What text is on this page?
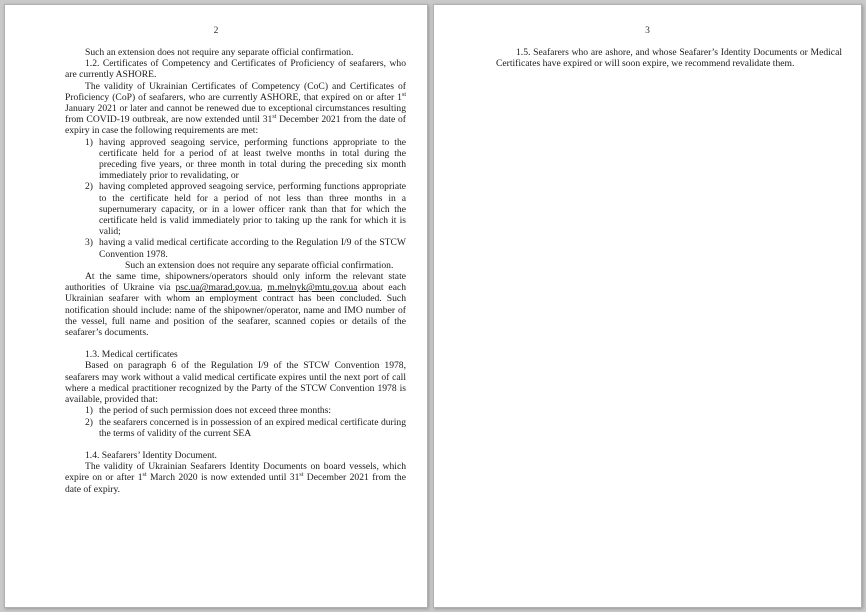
2

Such an extension does not require any separate official confirmation.

1.2. Certificates of Competency and Certificates of Proficiency of seafarers, who are currently ASHORE.

The validity of Ukrainian Certificates of Competency (CoC) and Certificates of Proficiency (CoP) of seafarers, who are currently ASHORE, that expired on or after 1st January 2021 or later and cannot be renewed due to exceptional circumstances resulting from COVID-19 outbreak, are now extended until 31st December 2021 from the date of expiry in case the following requirements are met:

1) having approved seagoing service, performing functions appropriate to the certificate held for a period of at least twelve months in total during the preceding five years, or three month in total during the preceding six month immediately prior to revalidating, or

2) having completed approved seagoing service, performing functions appropriate to the certificate held for a period of not less than three months in a supernumerary capacity, or in a lower officer rank than that for which the certificate held is valid immediately prior to taking up the rank for which it is valid;

3) having a valid medical certificate according to the Regulation I/9 of the STCW Convention 1978.

Such an extension does not require any separate official confirmation.

At the same time, shipowners/operators should only inform the relevant state authorities of Ukraine via psc.ua@marad.gov.ua, m.melnyk@mtu.gov.ua about each Ukrainian seafarer with whom an employment contract has been concluded. Such notification should include: name of the shipowner/operator, name and IMO number of the vessel, full name and position of the seafarer, scanned copies or details of the seafarer’s documents.

1.3. Medical certificates

Based on paragraph 6 of the Regulation I/9 of the STCW Convention 1978, seafarers may work without a valid medical certificate expires until the next port of call where a medical practitioner recognized by the Party of the STCW Convention 1978 is available, provided that:

1) the period of such permission does not exceed three months:

2) the seafarers concerned is in possession of an expired medical certificate during the terms of validity of the current SEA

1.4. Seafarers’ Identity Document.

The validity of Ukrainian Seafarers Identity Documents on board vessels, which expire on or after 1st March 2020 is now extended until 31st December 2021 from the date of expiry.

3

1.5. Seafarers who are ashore, and whose Seafarer’s Identity Documents or Medical Certificates have expired or will soon expire, we recommend revalidate them.
